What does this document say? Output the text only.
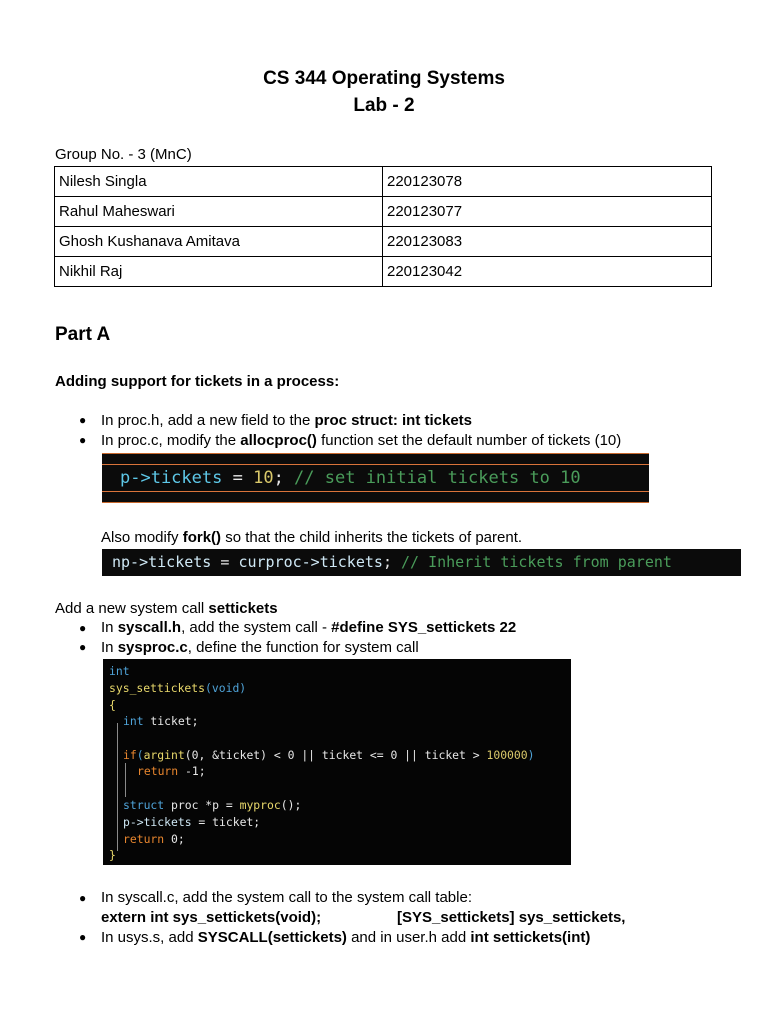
CS 344 Operating Systems
Lab - 2
Group No. - 3 (MnC)
Nilesh Singla	220123078
Rahul Maheswari	220123077
Ghosh Kushanava Amitava	220123083
Nikhil Raj	220123042
Part A
Adding support for tickets in a process:
● In proc.h, add a new field to the proc struct: int tickets
● In proc.c, modify the allocproc() function set the default number of tickets (10)
p->tickets = 10; // set initial tickets to 10
Also modify fork() so that the child inherits the tickets of parent.
np->tickets = curproc->tickets; // Inherit tickets from parent
Add a new system call settickets
● In syscall.h, add the system call - #define SYS_settickets 22
● In sysproc.c, define the function for system call
int
sys_settickets(void)
{
int ticket;
if(argint(0, &ticket) < 0 || ticket <= 0 || ticket > 100000)
return -1;
struct proc *p = myproc();
p->tickets = ticket;
return 0;
}
● In syscall.c, add the system call to the system call table:
extern int sys_settickets(void);	[SYS_settickets] sys_settickets,
● In usys.s, add SYSCALL(settickets) and in user.h add int settickets(int)
